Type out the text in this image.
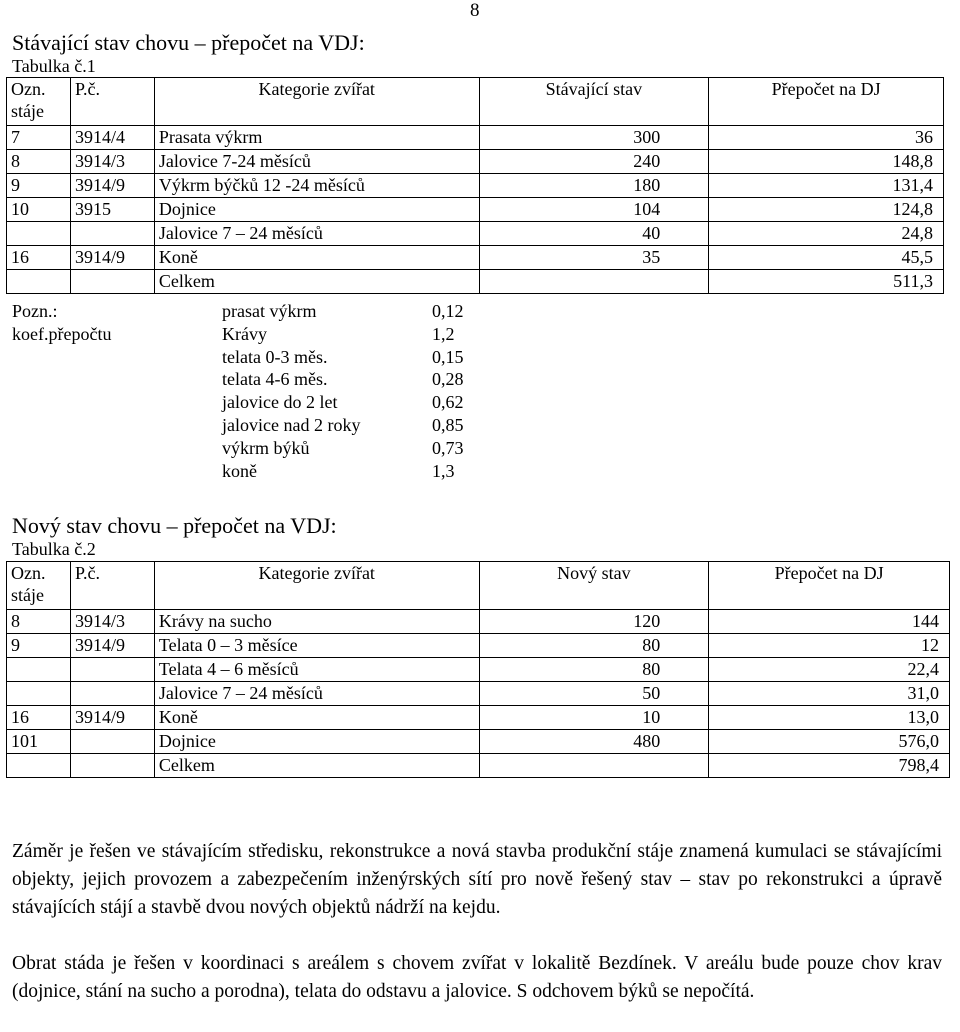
8
Stávající stav chovu – přepočet na VDJ:
Tabulka č.1
Ozn. stáje	P.č.	Kategorie zvířat	Stávající stav	Přepočet na DJ
7	3914/4	Prasata výkrm	300	36
8	3914/3	Jalovice 7-24 měsíců	240	148,8
9	3914/9	Výkrm býčků 12 -24 měsíců	180	131,4
10	3915	Dojnice	104	124,8
		Jalovice 7 – 24 měsíců	40	24,8
16	3914/9	Koně	35	45,5
		Celkem		511,3
Pozn.: koef.přepočtu
prasat výkrm	0,12
Krávy	1,2
telata 0-3 měs.	0,15
telata 4-6 měs.	0,28
jalovice do 2 let	0,62
jalovice nad 2 roky	0,85
výkrm býků	0,73
koně	1,3
Nový stav chovu – přepočet na VDJ:
Tabulka č.2
Ozn. stáje	P.č.	Kategorie zvířat	Nový stav	Přepočet na DJ
8	3914/3	Krávy na sucho	120	144
9	3914/9	Telata 0 – 3 měsíce	80	12
		Telata 4 – 6 měsíců	80	22,4
		Jalovice 7 – 24 měsíců	50	31,0
16	3914/9	Koně	10	13,0
101		Dojnice	480	576,0
		Celkem		798,4
Záměr je řešen ve stávajícím středisku, rekonstrukce a nová stavba produkční stáje znamená kumulaci se stávajícími objekty, jejich provozem a zabezpečením inženýrských sítí pro nově řešený stav – stav po rekonstrukci a úpravě stávajících stájí a stavbě dvou nových objektů nádrží na kejdu.
Obrat stáda je řešen v koordinaci s areálem s chovem zvířat v lokalitě Bezdínek. V areálu bude pouze chov krav (dojnice, stání na sucho a porodna), telata do odstavu a jalovice. S odchovem býků se nepočítá.
